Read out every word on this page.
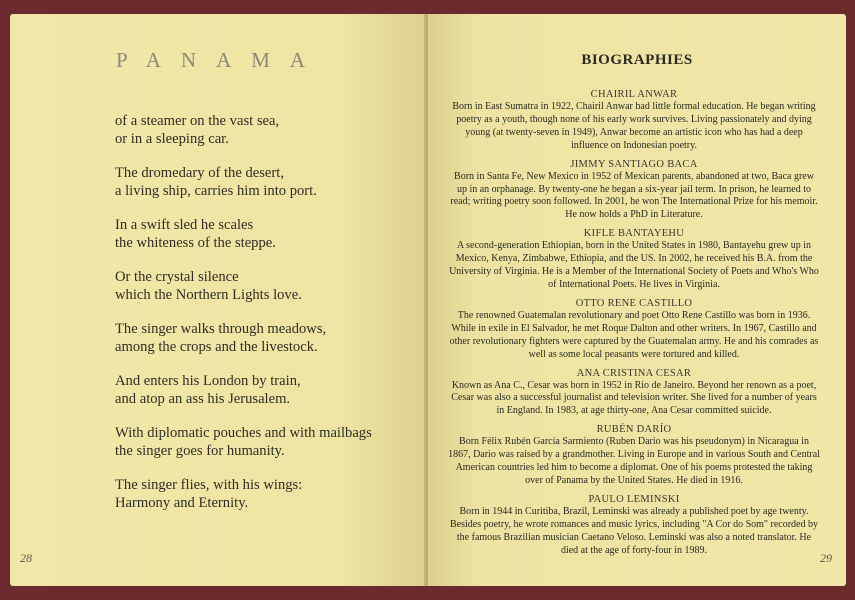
PANAMA

of a steamer on the vast sea,
or in a sleeping car.

The dromedary of the desert,
a living ship, carries him into port.

In a swift sled he scales
the whiteness of the steppe.

Or the crystal silence
which the Northern Lights love.

The singer walks through meadows,
among the crops and the livestock.

And enters his London by train,
and atop an ass his Jerusalem.

With diplomatic pouches and with mailbags
the singer goes for humanity.

The singer flies, with his wings:
Harmony and Eternity.

28
BIOGRAPHIES

CHAIRIL ANWAR

Born in East Sumatra in 1922, Chairil Anwar had little formal education. He began writing poetry as a youth, though none of his early work survives. Living passionately and dying young (at twenty-seven in 1949), Anwar become an artistic icon who has had a deep influence on Indonesian poetry.

JIMMY SANTIAGO BACA

Born in Santa Fe, New Mexico in 1952 of Mexican parents, abandoned at two, Baca grew up in an orphanage. By twenty-one he began a six-year jail term. In prison, he learned to read; writing poetry soon followed. In 2001, he won The International Prize for his memoir. He now holds a PhD in Literature.

KIFLE BANTAYEHU

A second-generation Ethiopian, born in the United States in 1980, Bantayehu grew up in Mexico, Kenya, Zimbabwe, Ethiopia, and the US. In 2002, he received his B.A. from the University of Virginia. He is a Member of the International Society of Poets and Who's Who of International Poets. He lives in Virginia.

OTTO RENE CASTILLO

The renowned Guatemalan revolutionary and poet Otto Rene Castillo was born in 1936. While in exile in El Salvador, he met Roque Dalton and other writers. In 1967, Castillo and other revolutionary fighters were captured by the Guatemalan army. He and his comrades as well as some local peasants were tortured and killed.

ANA CRISTINA CESAR

Known as Ana C., Cesar was born in 1952 in Rio de Janeiro. Beyond her renown as a poet, Cesar was also a successful journalist and television writer. She lived for a number of years in England. In 1983, at age thirty-one, Ana Cesar committed suicide.

RUBÉN DARÍO

Born Félix Rubén García Sarmiento (Ruben Dario was his pseudonym) in Nicaragua in 1867, Dario was raised by a grandmother. Living in Europe and in various South and Central American countries led him to become a diplomat. One of his poems protested the taking over of Panama by the United States. He died in 1916.

PAULO LEMINSKI

Born in 1944 in Curitiba, Brazil, Leminski was already a published poet by age twenty. Besides poetry, he wrote romances and music lyrics, including "A Cor do Som" recorded by the famous Brazilian musician Caetano Veloso. Leminski was also a noted translator. He died at the age of forty-four in 1989.

29
